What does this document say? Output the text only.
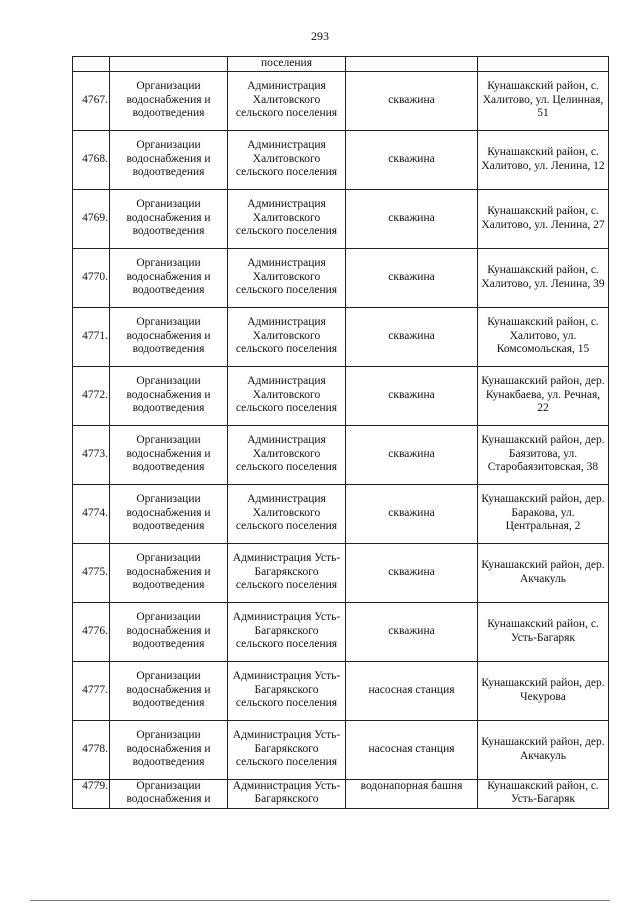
293
		поселения		
4767.	Организации водоснабжения и водоотведения	Администрация Халитовского сельского поселения	скважина	Кунашакский район, с. Халитово, ул. Целинная, 51
4768.	Организации водоснабжения и водоотведения	Администрация Халитовского сельского поселения	скважина	Кунашакский район, с. Халитово, ул. Ленина, 12
4769.	Организации водоснабжения и водоотведения	Администрация Халитовского сельского поселения	скважина	Кунашакский район, с. Халитово, ул. Ленина, 27
4770.	Организации водоснабжения и водоотведения	Администрация Халитовского сельского поселения	скважина	Кунашакский район, с. Халитово, ул. Ленина, 39
4771.	Организации водоснабжения и водоотведения	Администрация Халитовского сельского поселения	скважина	Кунашакский район, с. Халитово, ул. Комсомольская, 15
4772.	Организации водоснабжения и водоотведения	Администрация Халитовского сельского поселения	скважина	Кунашакский район, дер. Кунакбаева, ул. Речная, 22
4773.	Организации водоснабжения и водоотведения	Администрация Халитовского сельского поселения	скважина	Кунашакский район, дер. Баязитова, ул. Старобаязитовская, 38
4774.	Организации водоснабжения и водоотведения	Администрация Халитовского сельского поселения	скважина	Кунашакский район, дер. Баракова, ул. Центральная, 2
4775.	Организации водоснабжения и водоотведения	Администрация Усть-Багарякского сельского поселения	скважина	Кунашакский район, дер. Акчакуль
4776.	Организации водоснабжения и водоотведения	Администрация Усть-Багарякского сельского поселения	скважина	Кунашакский район, с. Усть-Багаряк
4777.	Организации водоснабжения и водоотведения	Администрация Усть-Багарякского сельского поселения	насосная станция	Кунашакский район, дер. Чекурова
4778.	Организации водоснабжения и водоотведения	Администрация Усть-Багарякского сельского поселения	насосная станция	Кунашакский район, дер. Акчакуль
4779.	Организации водоснабжения и	Администрация Усть-Багарякского	водонапорная башня	Кунашакский район, с. Усть-Багаряк
